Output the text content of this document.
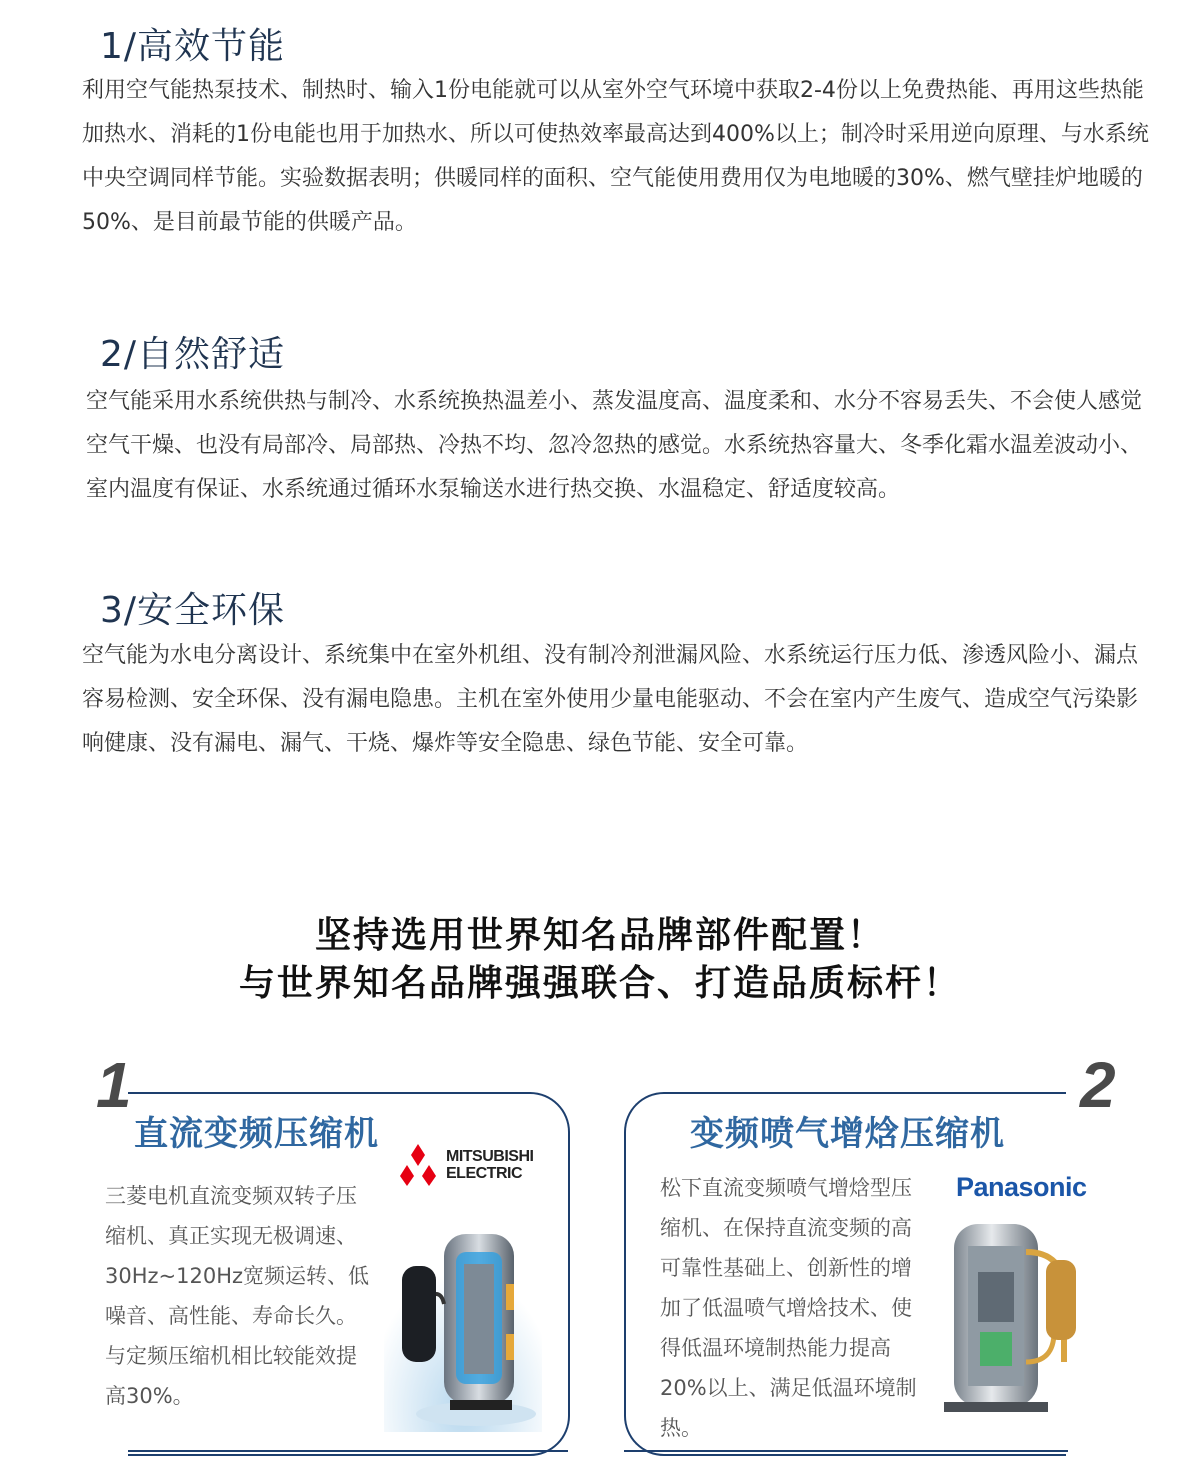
1/高效节能

利用空气能热泵技术、制热时、输入1份电能就可以从室外空气环境中获取2-4份以上免费热能、再用这些热能加热水、消耗的1份电能也用于加热水、所以可使热效率最高达到400%以上；制冷时采用逆向原理、与水系统中央空调同样节能。实验数据表明；供暖同样的面积、空气能使用费用仅为电地暖的30%、燃气壁挂炉地暖的50%、是目前最节能的供暖产品。

2/自然舒适

空气能采用水系统供热与制冷、水系统换热温差小、蒸发温度高、温度柔和、水分不容易丢失、不会使人感觉空气干燥、也没有局部冷、局部热、冷热不均、忽冷忽热的感觉。水系统热容量大、冬季化霜水温差波动小、室内温度有保证、水系统通过循环水泵输送水进行热交换、水温稳定、舒适度较高。

3/安全环保

空气能为水电分离设计、系统集中在室外机组、没有制冷剂泄漏风险、水系统运行压力低、渗透风险小、漏点容易检测、安全环保、没有漏电隐患。主机在室外使用少量电能驱动、不会在室内产生废气、造成空气污染影响健康、没有漏电、漏气、干烧、爆炸等安全隐患、绿色节能、安全可靠。

坚持选用世界知名品牌部件配置！
与世界知名品牌强强联合、打造品质标杆！
1
直流变频压缩机
MITSUBISHI
ELECTRIC
三菱电机直流变频双转子压缩机、真正实现无极调速、30Hz~120Hz宽频运转、低噪音、高性能、寿命长久。与定频压缩机相比较能效提高30%。
2
变频喷气增焓压缩机
Panasonic
松下直流变频喷气增焓型压缩机、在保持直流变频的高可靠性基础上、创新性的增加了低温喷气增焓技术、使得低温环境制热能力提高20%以上、满足低温环境制热。
